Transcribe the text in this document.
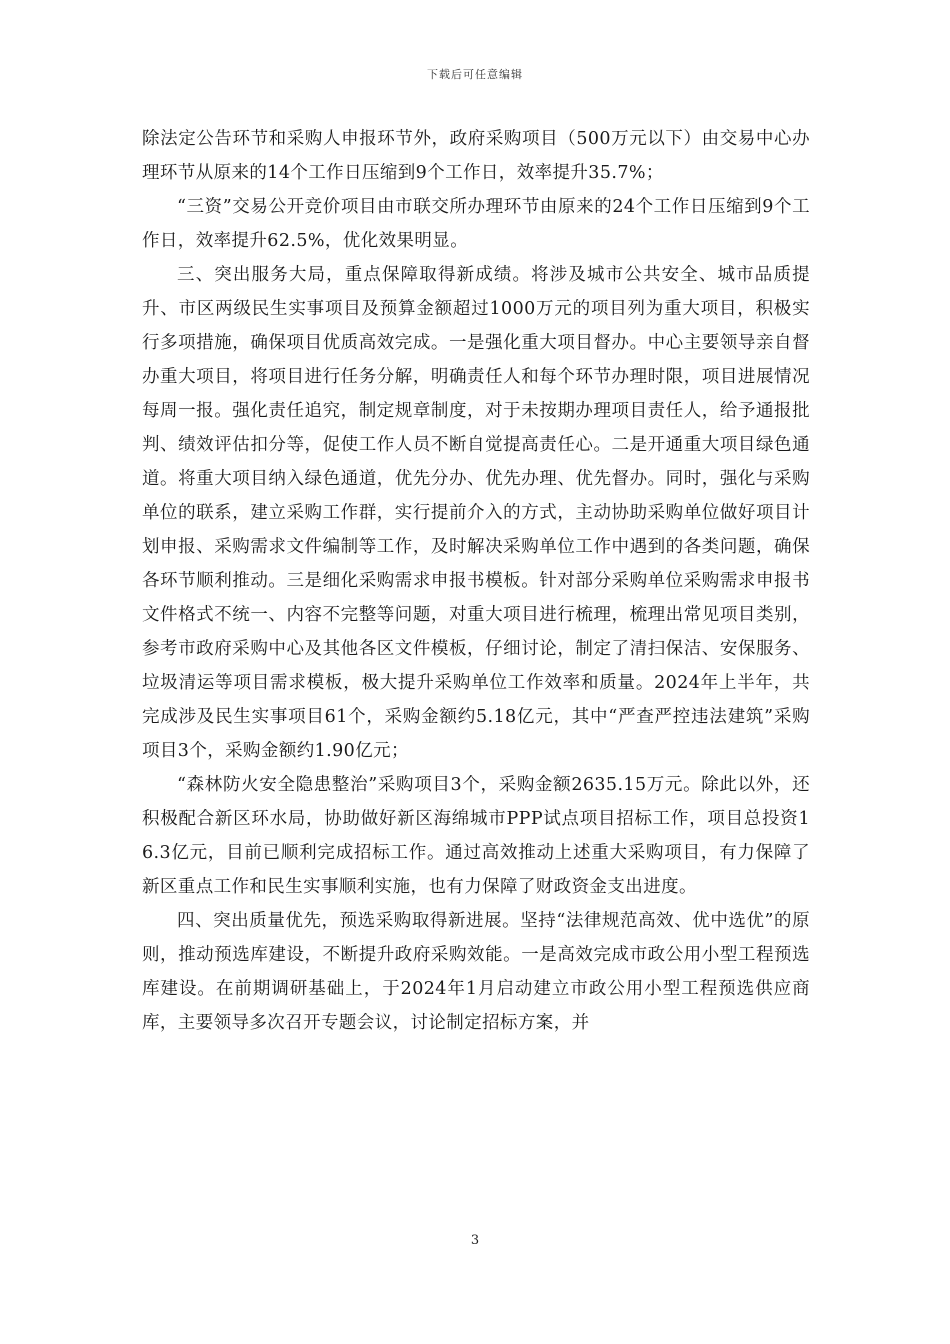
下载后可任意编辑

除法定公告环节和采购人申报环节外，政府采购项目（500万元以下）由交易中心办理环节从原来的14个工作日压缩到9个工作日，效率提升35.7%；

“三资”交易公开竞价项目由市联交所办理环节由原来的24个工作日压缩到9个工作日，效率提升62.5%，优化效果明显。

三、突出服务大局，重点保障取得新成绩。将涉及城市公共安全、城市品质提升、市区两级民生实事项目及预算金额超过1000万元的项目列为重大项目，积极实行多项措施，确保项目优质高效完成。一是强化重大项目督办。中心主要领导亲自督办重大项目，将项目进行任务分解，明确责任人和每个环节办理时限，项目进展情况每周一报。强化责任追究，制定规章制度，对于未按期办理项目责任人，给予通报批判、绩效评估扣分等，促使工作人员不断自觉提高责任心。二是开通重大项目绿色通道。将重大项目纳入绿色通道，优先分办、优先办理、优先督办。同时，强化与采购单位的联系，建立采购工作群，实行提前介入的方式，主动协助采购单位做好项目计划申报、采购需求文件编制等工作，及时解决采购单位工作中遇到的各类问题，确保各环节顺利推动。三是细化采购需求申报书模板。针对部分采购单位采购需求申报书文件格式不统一、内容不完整等问题，对重大项目进行梳理，梳理出常见项目类别，参考市政府采购中心及其他各区文件模板，仔细讨论，制定了清扫保洁、安保服务、垃圾清运等项目需求模板，极大提升采购单位工作效率和质量。2024年上半年，共完成涉及民生实事项目61个，采购金额约5.18亿元，其中“严查严控违法建筑”采购项目3个，采购金额约1.90亿元；

“森林防火安全隐患整治”采购项目3个，采购金额2635.15万元。除此以外，还积极配合新区环水局，协助做好新区海绵城市PPP试点项目招标工作，项目总投资16.3亿元，目前已顺利完成招标工作。通过高效推动上述重大采购项目，有力保障了新区重点工作和民生实事顺利实施，也有力保障了财政资金支出进度。

四、突出质量优先，预选采购取得新进展。坚持“法律规范高效、优中选优”的原则，推动预选库建设，不断提升政府采购效能。一是高效完成市政公用小型工程预选库建设。在前期调研基础上，于2024年1月启动建立市政公用小型工程预选供应商库，主要领导多次召开专题会议，讨论制定招标方案，并

3
